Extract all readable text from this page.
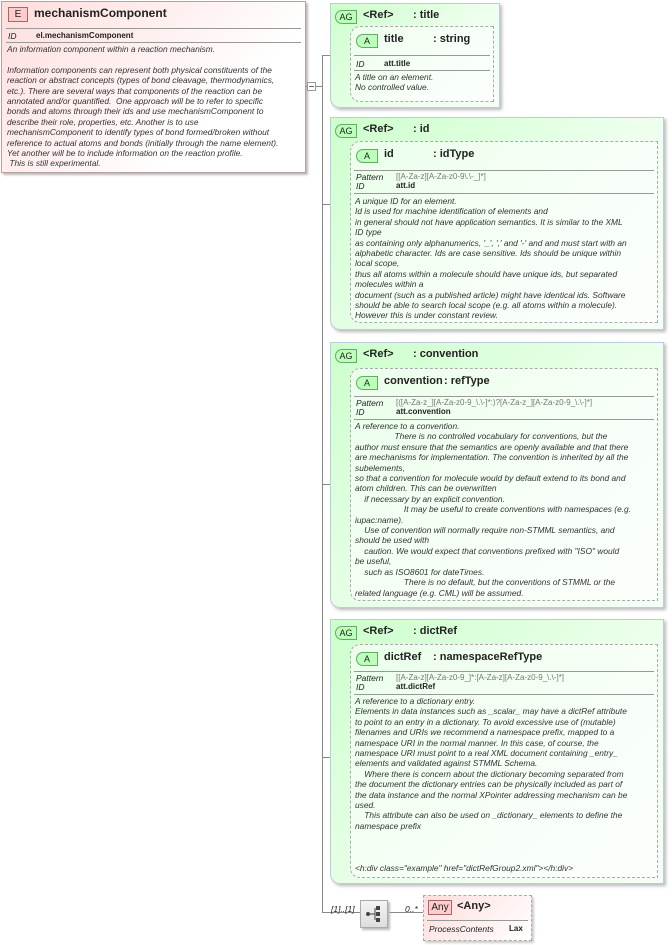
E	mechanismComponent
ID el.mechanismComponent
An information component within a reaction mechanism.

Information components can represent both physical constituents of the
reaction or abstract concepts (types of bond cleavage, thermodynamics,
etc.). There are several ways that components of the reaction can be
annotated and/or quantified.  One approach will be to refer to specific
bonds and atoms through their ids and use mechanismComponent to
describe their role, properties, etc. Another is to use
mechanismComponent to identify types of bond formed/broken without
reference to actual atoms and bonds (initially through the name element).
Yet another will be to include information on the reaction profile.
This is still experimental.
AG <Ref> : title
A	title	: string
ID att.title
A title on an element.
No controlled value.
AG <Ref> : id
A	id	: idType
Pattern [[A-Za-z][A-Za-z0-9\.\-_]*]
ID	att.id
A unique ID for an element.
Id is used for machine identification of elements and
in general should not have application semantics. It is similar to the XML
ID type
as containing only alphanumerics, '_', ',' and '-' and and must start with an
alphabetic character. Ids are case sensitive. Ids should be unique within
local scope,
thus all atoms within a molecule should have unique ids, but separated
molecules within a
document (such as a published article) might have identical ids. Software
should be able to search local scope (e.g. all atoms within a molecule).
However this is under constant review.
AG <Ref> : convention
A	convention : refType
Pattern [([A-Za-z_][A-Za-z0-9_\.\-]*:)?[A-Za-z_][A-Za-z0-9_\.\-]*]
ID	att.convention
A reference to a convention.
There is no controlled vocabulary for conventions, but the
author must ensure that the semantics are openly available and that there
are mechanisms for implementation. The convention is inherited by all the
subelements,
so that a convention for molecule would by default extend to its bond and
atom children. This can be overwritten
if necessary by an explicit convention.
It may be useful to create conventions with namespaces (e.g.
iupac:name).
Use of convention will normally require non-STMML semantics, and
should be used with
caution. We would expect that conventions prefixed with "ISO" would
be useful,
such as ISO8601 for dateTimes.
There is no default, but the conventions of STMML or the
related language (e.g. CML) will be assumed.
AG <Ref> : dictRef
A	dictRef : namespaceRefType
Pattern [[A-Za-z][A-Za-z0-9_]*:[A-Za-z][A-Za-z0-9_\.\-]*]
ID	att.dictRef
A reference to a dictionary entry.
Elements in data instances such as _scalar_ may have a dictRef attribute
to point to an entry in a dictionary. To avoid excessive use of (mutable)
filenames and URIs we recommend a namespace prefix, mapped to a
namespace URI in the normal manner. In this case, of course, the
namespace URI must point to a real XML document containing _entry_
elements and validated against STMML Schema.
Where there is concern about the dictionary becoming separated from
the document the dictionary entries can be physically included as part of
the data instance and the normal XPointer addressing mechanism can be
used.
This attribute can also be used on _dictionary_ elements to define the
namespace prefix

<h:div class="example" href="dictRefGroup2.xml"></h:div>
[1]..[1]	0..*	Any <Any>
ProcessContents Lax
